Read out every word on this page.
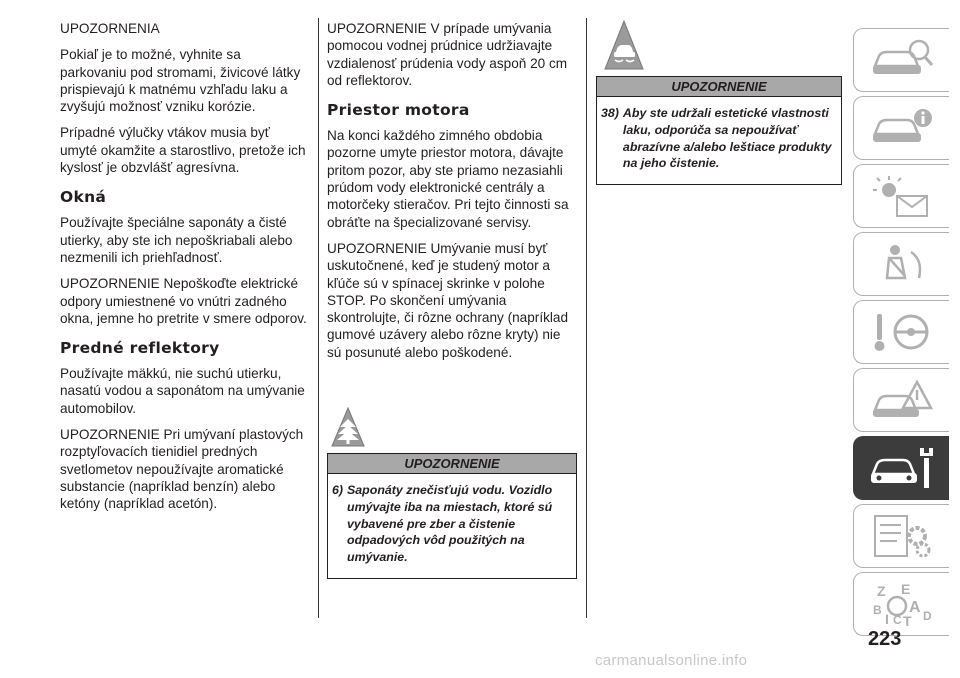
UPOZORNENIA

Pokiaľ je to možné, vyhnite sa parkovaniu pod stromami, živicové látky prispievajú k matnému vzhľadu laku a zvyšujú možnosť vzniku korózie.

Prípadné výlučky vtákov musia byť umyté okamžite a starostlivo, pretože ich kyslosť je obzvlášť agresívna.

Okná

Používajte špeciálne saponáty a čisté utierky, aby ste ich nepoškriabali alebo nezmenili ich priehľadnosť.

UPOZORNENIE Nepoškoďte elektrické odpory umiestnené vo vnútri zadného okna, jemne ho pretrite v smere odporov.

Predné reflektory

Používajte mäkkú, nie suchú utierku, nasatú vodou a saponátom na umývanie automobilov.

UPOZORNENIE Pri umývaní plastových rozptyľovacích tienidiel predných svetlometov nepoužívajte aromatické substancie (napríklad benzín) alebo ketóny (napríklad acetón).

UPOZORNENIE V prípade umývania pomocou vodnej prúdnice udržiavajte vzdialenosť prúdenia vody aspoň 20 cm od reflektorov.

Priestor motora

Na konci každého zimného obdobia pozorne umyte priestor motora, dávajte pritom pozor, aby ste priamo nezasiahli prúdom vody elektronické centrály a motorčeky stieračov. Pri tejto činnosti sa obráťte na špecializované servisy.

UPOZORNENIE Umývanie musí byť uskutočnené, keď je studený motor a kľúče sú v spínacej skrinke v polohe STOP. Po skončení umývania skontrolujte, či rôzne ochrany (napríklad gumové uzávery alebo rôzne kryty) nie sú posunuté alebo poškodené.

UPOZORNENIE
6) Saponáty znečisťujú vodu. Vozidlo umývajte iba na miestach, ktoré sú vybavené pre zber a čistenie odpadových vôd použitých na umývanie.
UPOZORNENIE
38) Aby ste udržali estetické vlastnosti laku, odporúča sa nepoužívať abrazívne a/alebo leštiace produkty na jeho čistenie.
Z E
B A
I C T D
223
carmanualsonline.info
